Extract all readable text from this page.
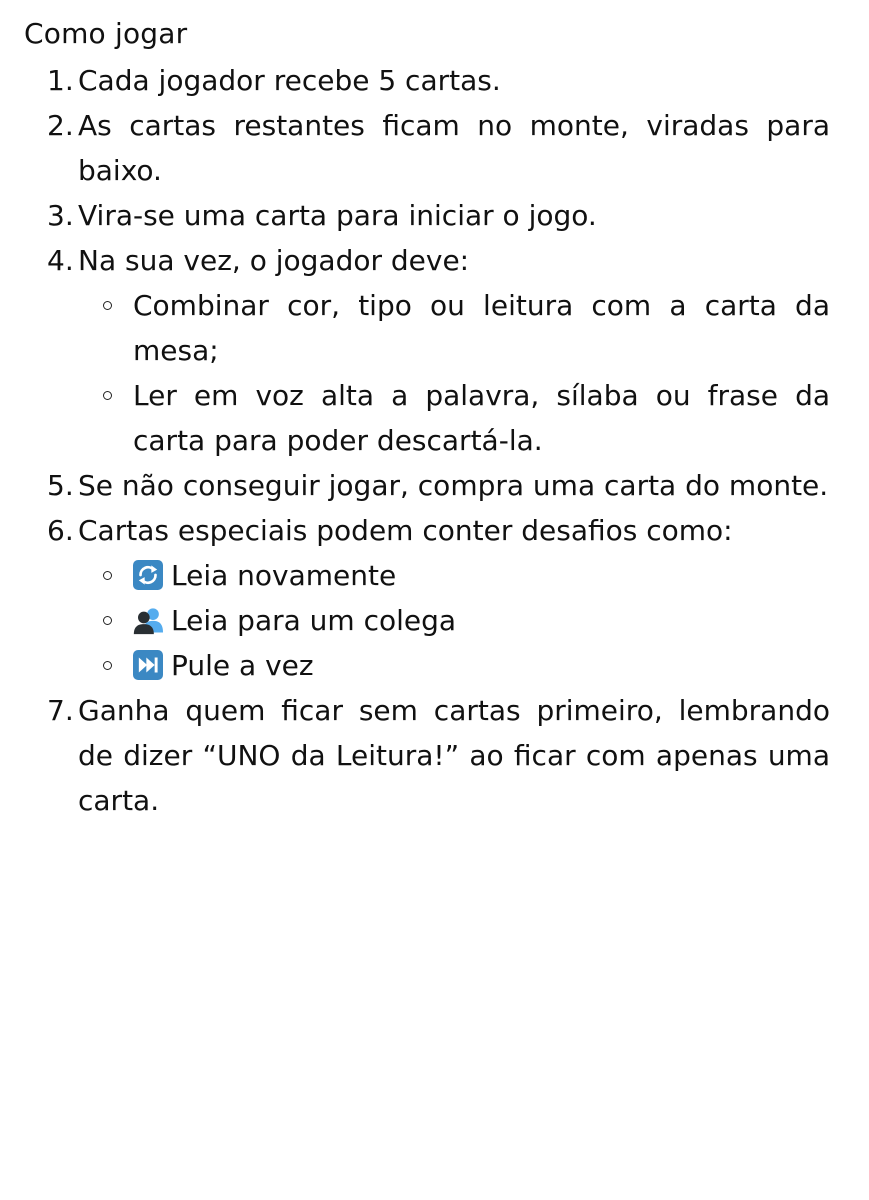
Como jogar
1. Cada jogador recebe 5 cartas.
2. As cartas restantes ficam no monte, viradas para baixo.
3. Vira-se uma carta para iniciar o jogo.
4. Na sua vez, o jogador deve:
Combinar cor, tipo ou leitura com a carta da mesa;
Ler em voz alta a palavra, sílaba ou frase da carta para poder descartá-la.
5. Se não conseguir jogar, compra uma carta do monte.
6. Cartas especiais podem conter desafios como:
Leia novamente
Leia para um colega
Pule a vez
7. Ganha quem ficar sem cartas primeiro, lembrando de dizer “UNO da Leitura!” ao ficar com apenas uma carta.
